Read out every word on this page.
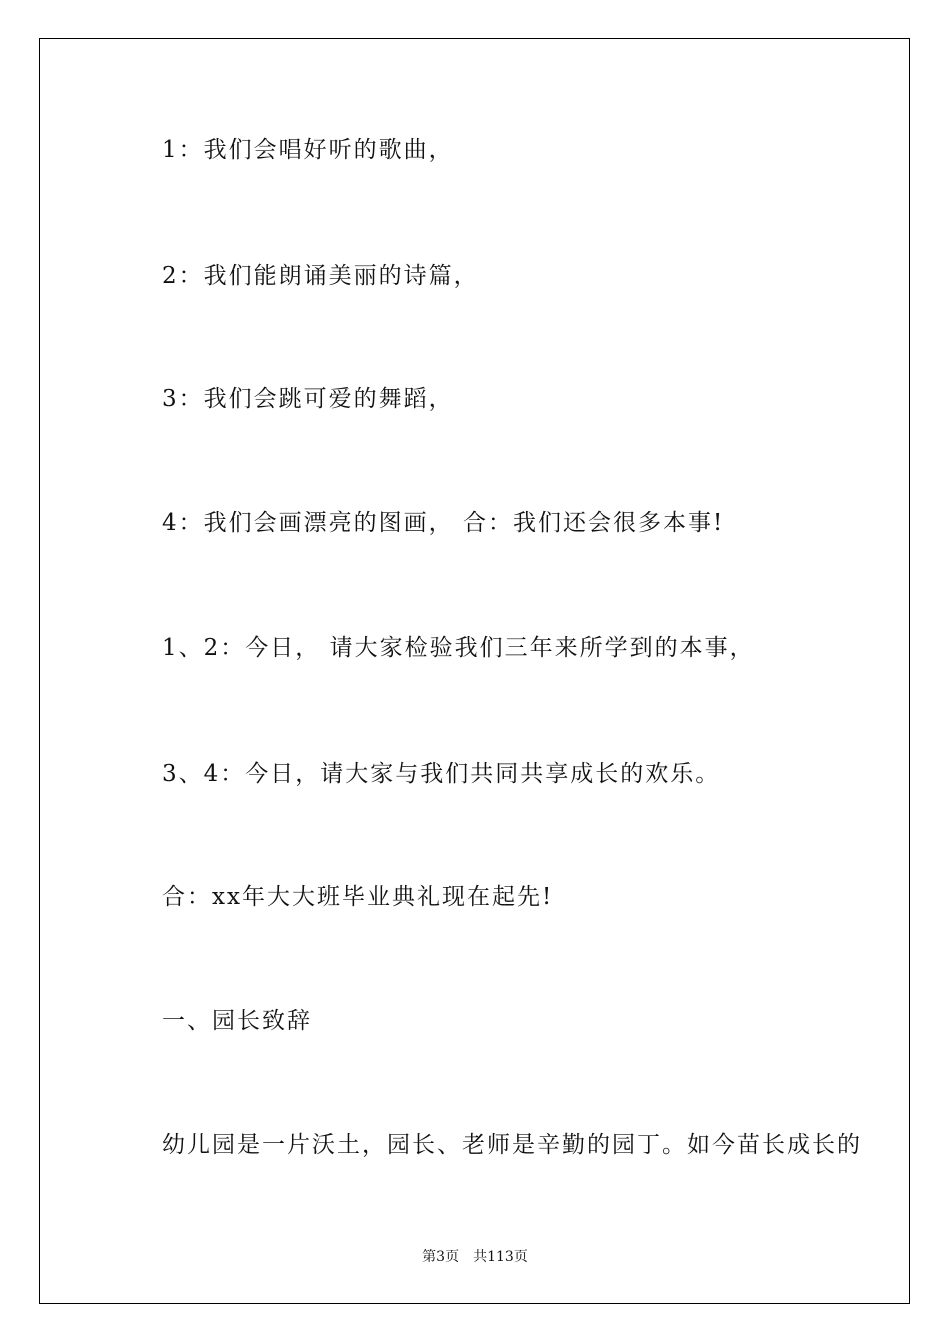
1：我们会唱好听的歌曲，
2：我们能朗诵美丽的诗篇，
3：我们会跳可爱的舞蹈，
4：我们会画漂亮的图画， 合：我们还会很多本事!
1、2：今日， 请大家检验我们三年来所学到的本事，
3、4：今日，请大家与我们共同共享成长的欢乐。
合：xx年大大班毕业典礼现在起先!
一、园长致辞
幼儿园是一片沃土，园长、老师是辛勤的园丁。如今苗长成长的
第3页 共113页
